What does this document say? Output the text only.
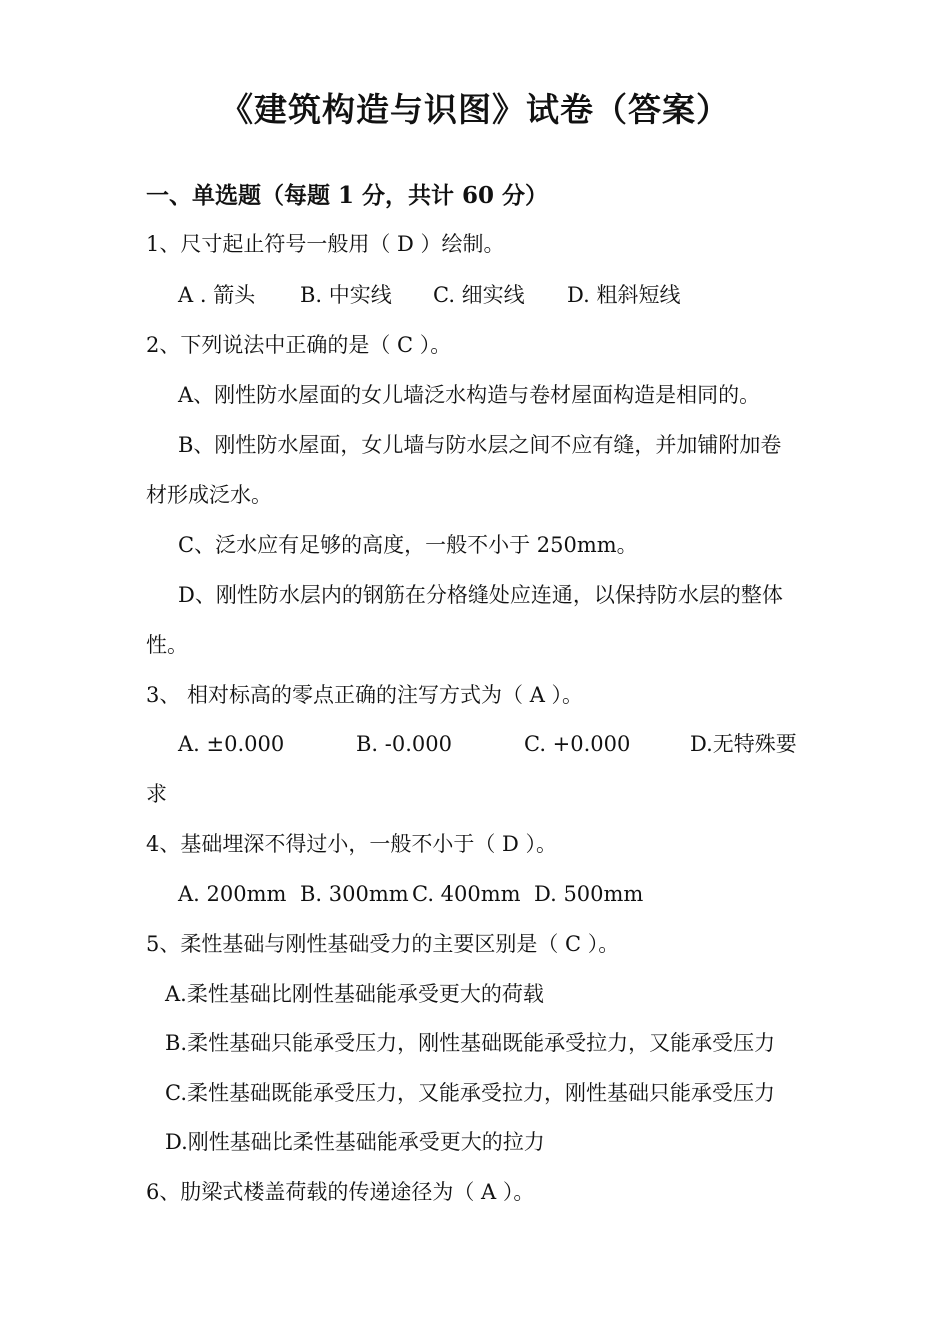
《建筑构造与识图》试卷（答案）
一、单选题（每题 1 分，共计 60 分）
1、尺寸起止符号一般用（ D ）绘制。
A . 箭头 B. 中实线 C. 细实线 D. 粗斜短线
2、下列说法中正确的是（ C ）。
A、刚性防水屋面的女儿墙泛水构造与卷材屋面构造是相同的。
B、刚性防水屋面，女儿墙与防水层之间不应有缝，并加铺附加卷
材形成泛水。
C、泛水应有足够的高度，一般不小于 250mm。
D、刚性防水层内的钢筋在分格缝处应连通，以保持防水层的整体
性。
3、 相对标高的零点正确的注写方式为（ A ）。
A. ±0.000	B. -0.000	C. +0.000	D.无特殊要
求
4、基础埋深不得过小，一般不小于（ D ）。
A. 200mm B. 300mm C. 400mm D. 500mm
5、柔性基础与刚性基础受力的主要区别是（ C ）。
A.柔性基础比刚性基础能承受更大的荷载
B.柔性基础只能承受压力，刚性基础既能承受拉力，又能承受压力
C.柔性基础既能承受压力，又能承受拉力，刚性基础只能承受压力
D.刚性基础比柔性基础能承受更大的拉力
6、肋梁式楼盖荷载的传递途径为（ A ）。
